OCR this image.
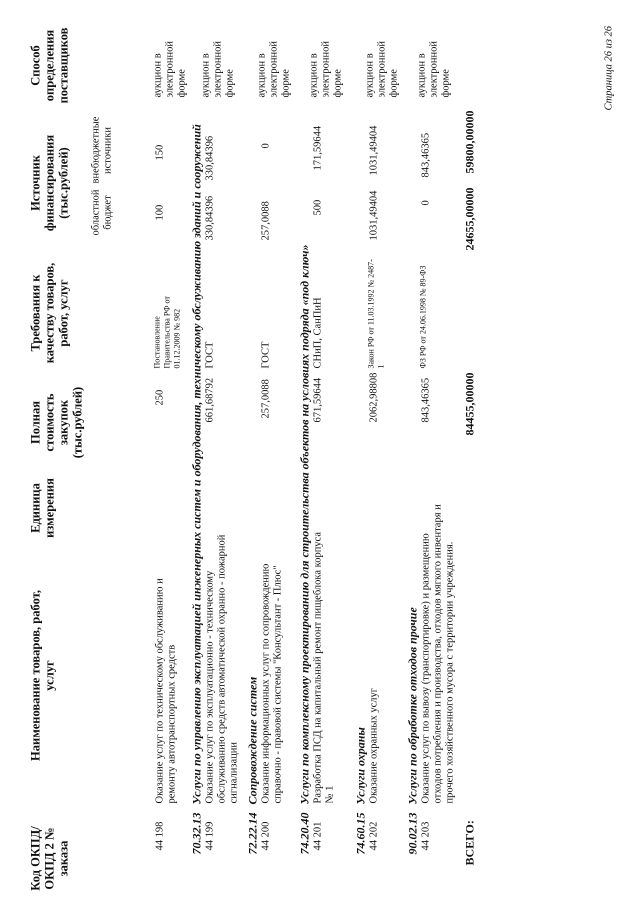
Код ОКПД/ ОКПД 2 № заказа
Наименование товаров, работ, услуг
Единица измерения
Полная стоимость закупок (тыс.рублей)
Требования к качеству товаров, работ, услуг
Источник финансирования (тыс.рублей) областной бюджет
внебюджетные источники
Способ определения поставщиков
44 198
Оказание услуг по техническому обслуживанию и ремонту автотранспортных средств
250
Постановление Правительства РФ от 01.12.2009 № 982
100
150
аукцион в электронной форме
70.32.13Услуги по управлению эксплуатацией инженерных систем и оборудования, техническому обслуживанию зданий и сооружений
44 199
Оказание услуг по эксплуатационно - техническому обслуживанию средств автоматической охранно - пожарной сигнализации
661,68792
ГОСТ
330,84396
330,84396
аукцион в электронной форме
72.22.14Сопровождение систем
44 200
Оказание информационных услуг по сопровождению справочно - правовой системы "Консультант - Плюс"
257,0088
ГОСТ
257,0088
0
аукцион в электронной форме
74.20.40Услуги по комплексному проектированию для строительства объектов на условиях подряда «под ключ»
44 201
Разработка ПСД на капитальный ремонт пищеблока корпуса № 1
671,59644
СНиП, СанПиН
500
171,59644
аукцион в электронной форме
74.60.15Услуги охраны
44 202
Оказание охранных услуг
2062,98808
Закон РФ от 11.03.1992 № 2487-1
1031,49404
1031,49404
аукцион в электронной форме
90.02.13Услуги по обработке отходов прочие
44 203
Оказание услуг по вывозу (транспортировке) и размещению отходов потребления и производства, отходов мягкого инвентаря и прочего хозяйственного мусора с территории учреждения.
843,46365
ФЗ РФ от 24.06.1998 № 89-ФЗ
0
843,46365
аукцион в электронной форме
ВСЕГО:
84455,00000
24655,00000
59800,00000
Страница 26 из 26
